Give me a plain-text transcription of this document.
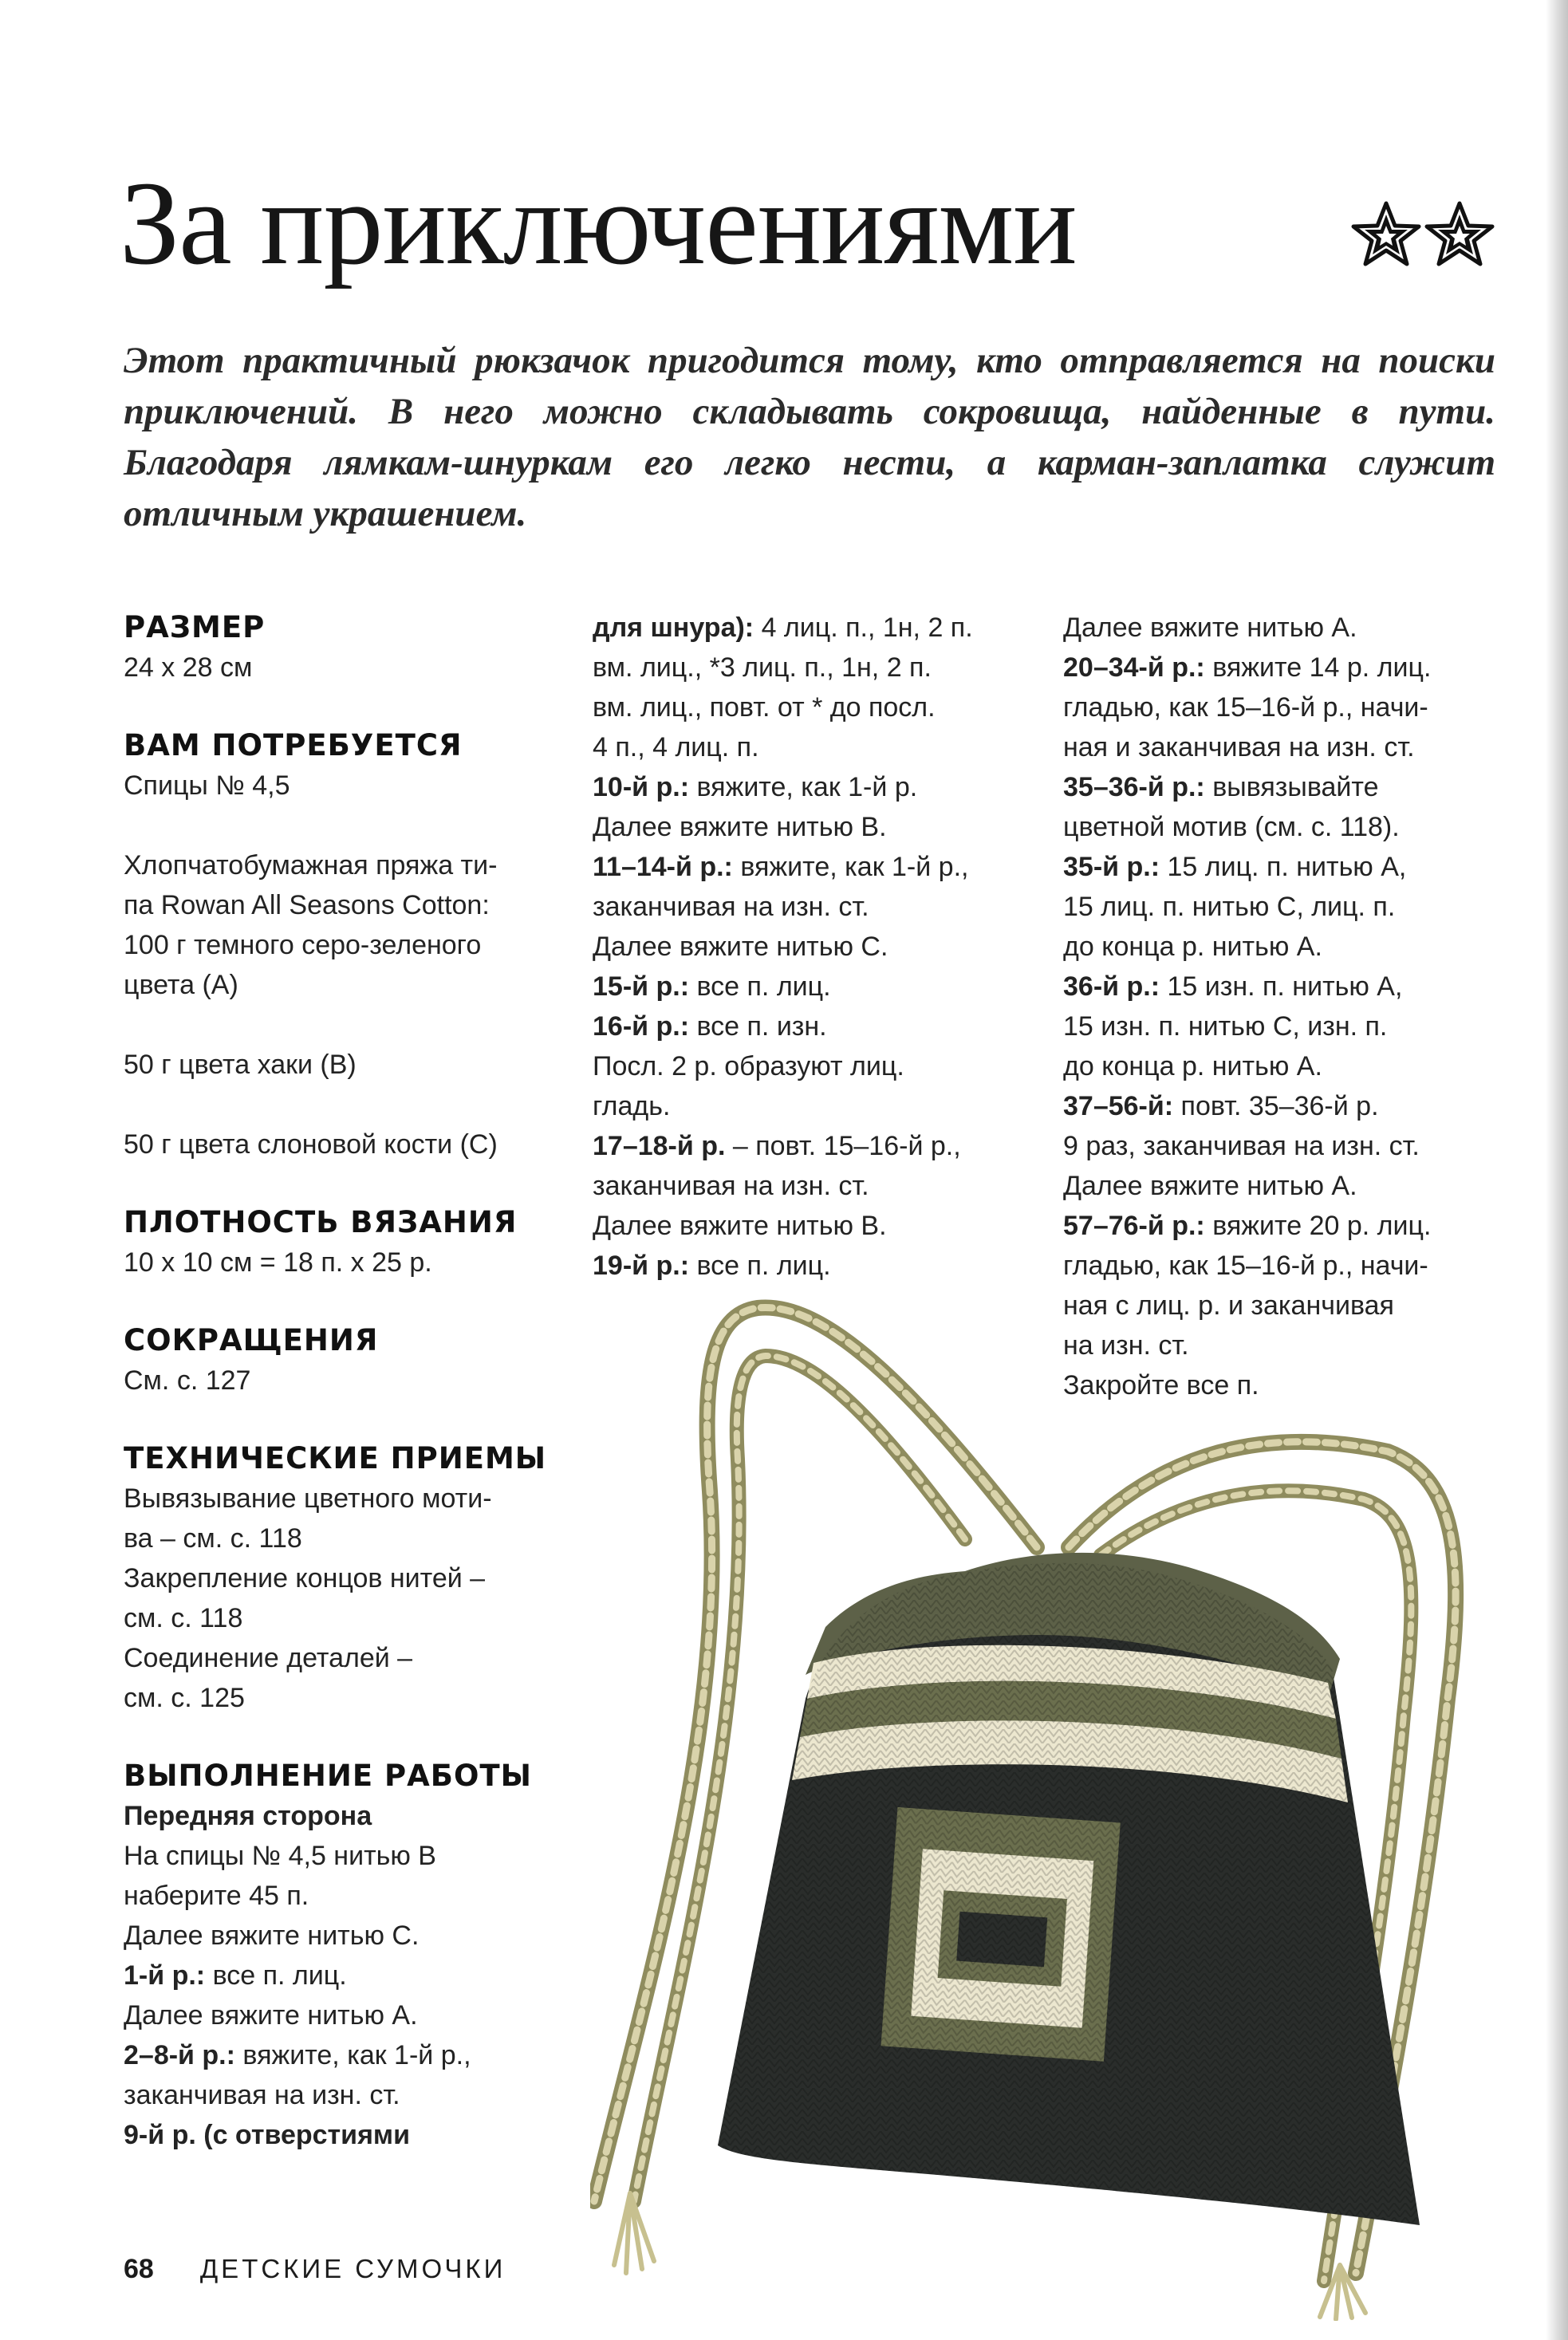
За приключениями

Этот практичный рюкзачок пригодится тому, кто отправляется на поиски приключений. В него можно складывать сокровища, найденные в пути. Благодаря лямкам-шнуркам его легко нести, а карман-заплатка служит отличным украшением.

РАЗМЕР
24 х 28 см
ВАМ ПОТРЕБУЕТСЯ
Спицы № 4,5
Хлопчатобумажная пряжа ти-
па Rowan All Seasons Cotton:
100 г темного серо-зеленого
цвета (A)
50 г цвета хаки (B)
50 г цвета слоновой кости (C)
ПЛОТНОСТЬ ВЯЗАНИЯ
10 х 10 см = 18 п. х 25 р.
СОКРАЩЕНИЯ
См. с. 127
ТЕХНИЧЕСКИЕ ПРИЕМЫ
Вывязывание цветного моти-
ва – см. с. 118
Закрепление концов нитей –
см. с. 118
Соединение деталей –
см. с. 125
ВЫПОЛНЕНИЕ РАБОТЫ
Передняя сторона
На спицы № 4,5 нитью B
наберите 45 п.
Далее вяжите нитью C.
1-й р.: все п. лиц.
Далее вяжите нитью A.
2–8-й р.: вяжите, как 1-й р.,
заканчивая на изн. ст.
9-й р. (с отверстиями
для шнура): 4 лиц. п., 1н, 2 п.
вм. лиц., *3 лиц. п., 1н, 2 п.
вм. лиц., повт. от * до посл.
4 п., 4 лиц. п.
10-й р.: вяжите, как 1-й р.
Далее вяжите нитью B.
11–14-й р.: вяжите, как 1-й р.,
заканчивая на изн. ст.
Далее вяжите нитью C.
15-й р.: все п. лиц.
16-й р.: все п. изн.
Посл. 2 р. образуют лиц.
гладь.
17–18-й р. – повт. 15–16-й р.,
заканчивая на изн. ст.
Далее вяжите нитью B.
19-й р.: все п. лиц.
Далее вяжите нитью A.
20–34-й р.: вяжите 14 р. лиц.
гладью, как 15–16-й р., начи-
ная и заканчивая на изн. ст.
35–36-й р.: вывязывайте
цветной мотив (см. с. 118).
35-й р.: 15 лиц. п. нитью A,
15 лиц. п. нитью C, лиц. п.
до конца р. нитью A.
36-й р.: 15 изн. п. нитью A,
15 изн. п. нитью C, изн. п.
до конца р. нитью A.
37–56-й: повт. 35–36-й р.
9 раз, заканчивая на изн. ст.
Далее вяжите нитью A.
57–76-й р.: вяжите 20 р. лиц.
гладью, как 15–16-й р., начи-
ная с лиц. р. и заканчивая
на изн. ст.
Закройте все п.
68 ДЕТСКИЕ СУМОЧКИ
